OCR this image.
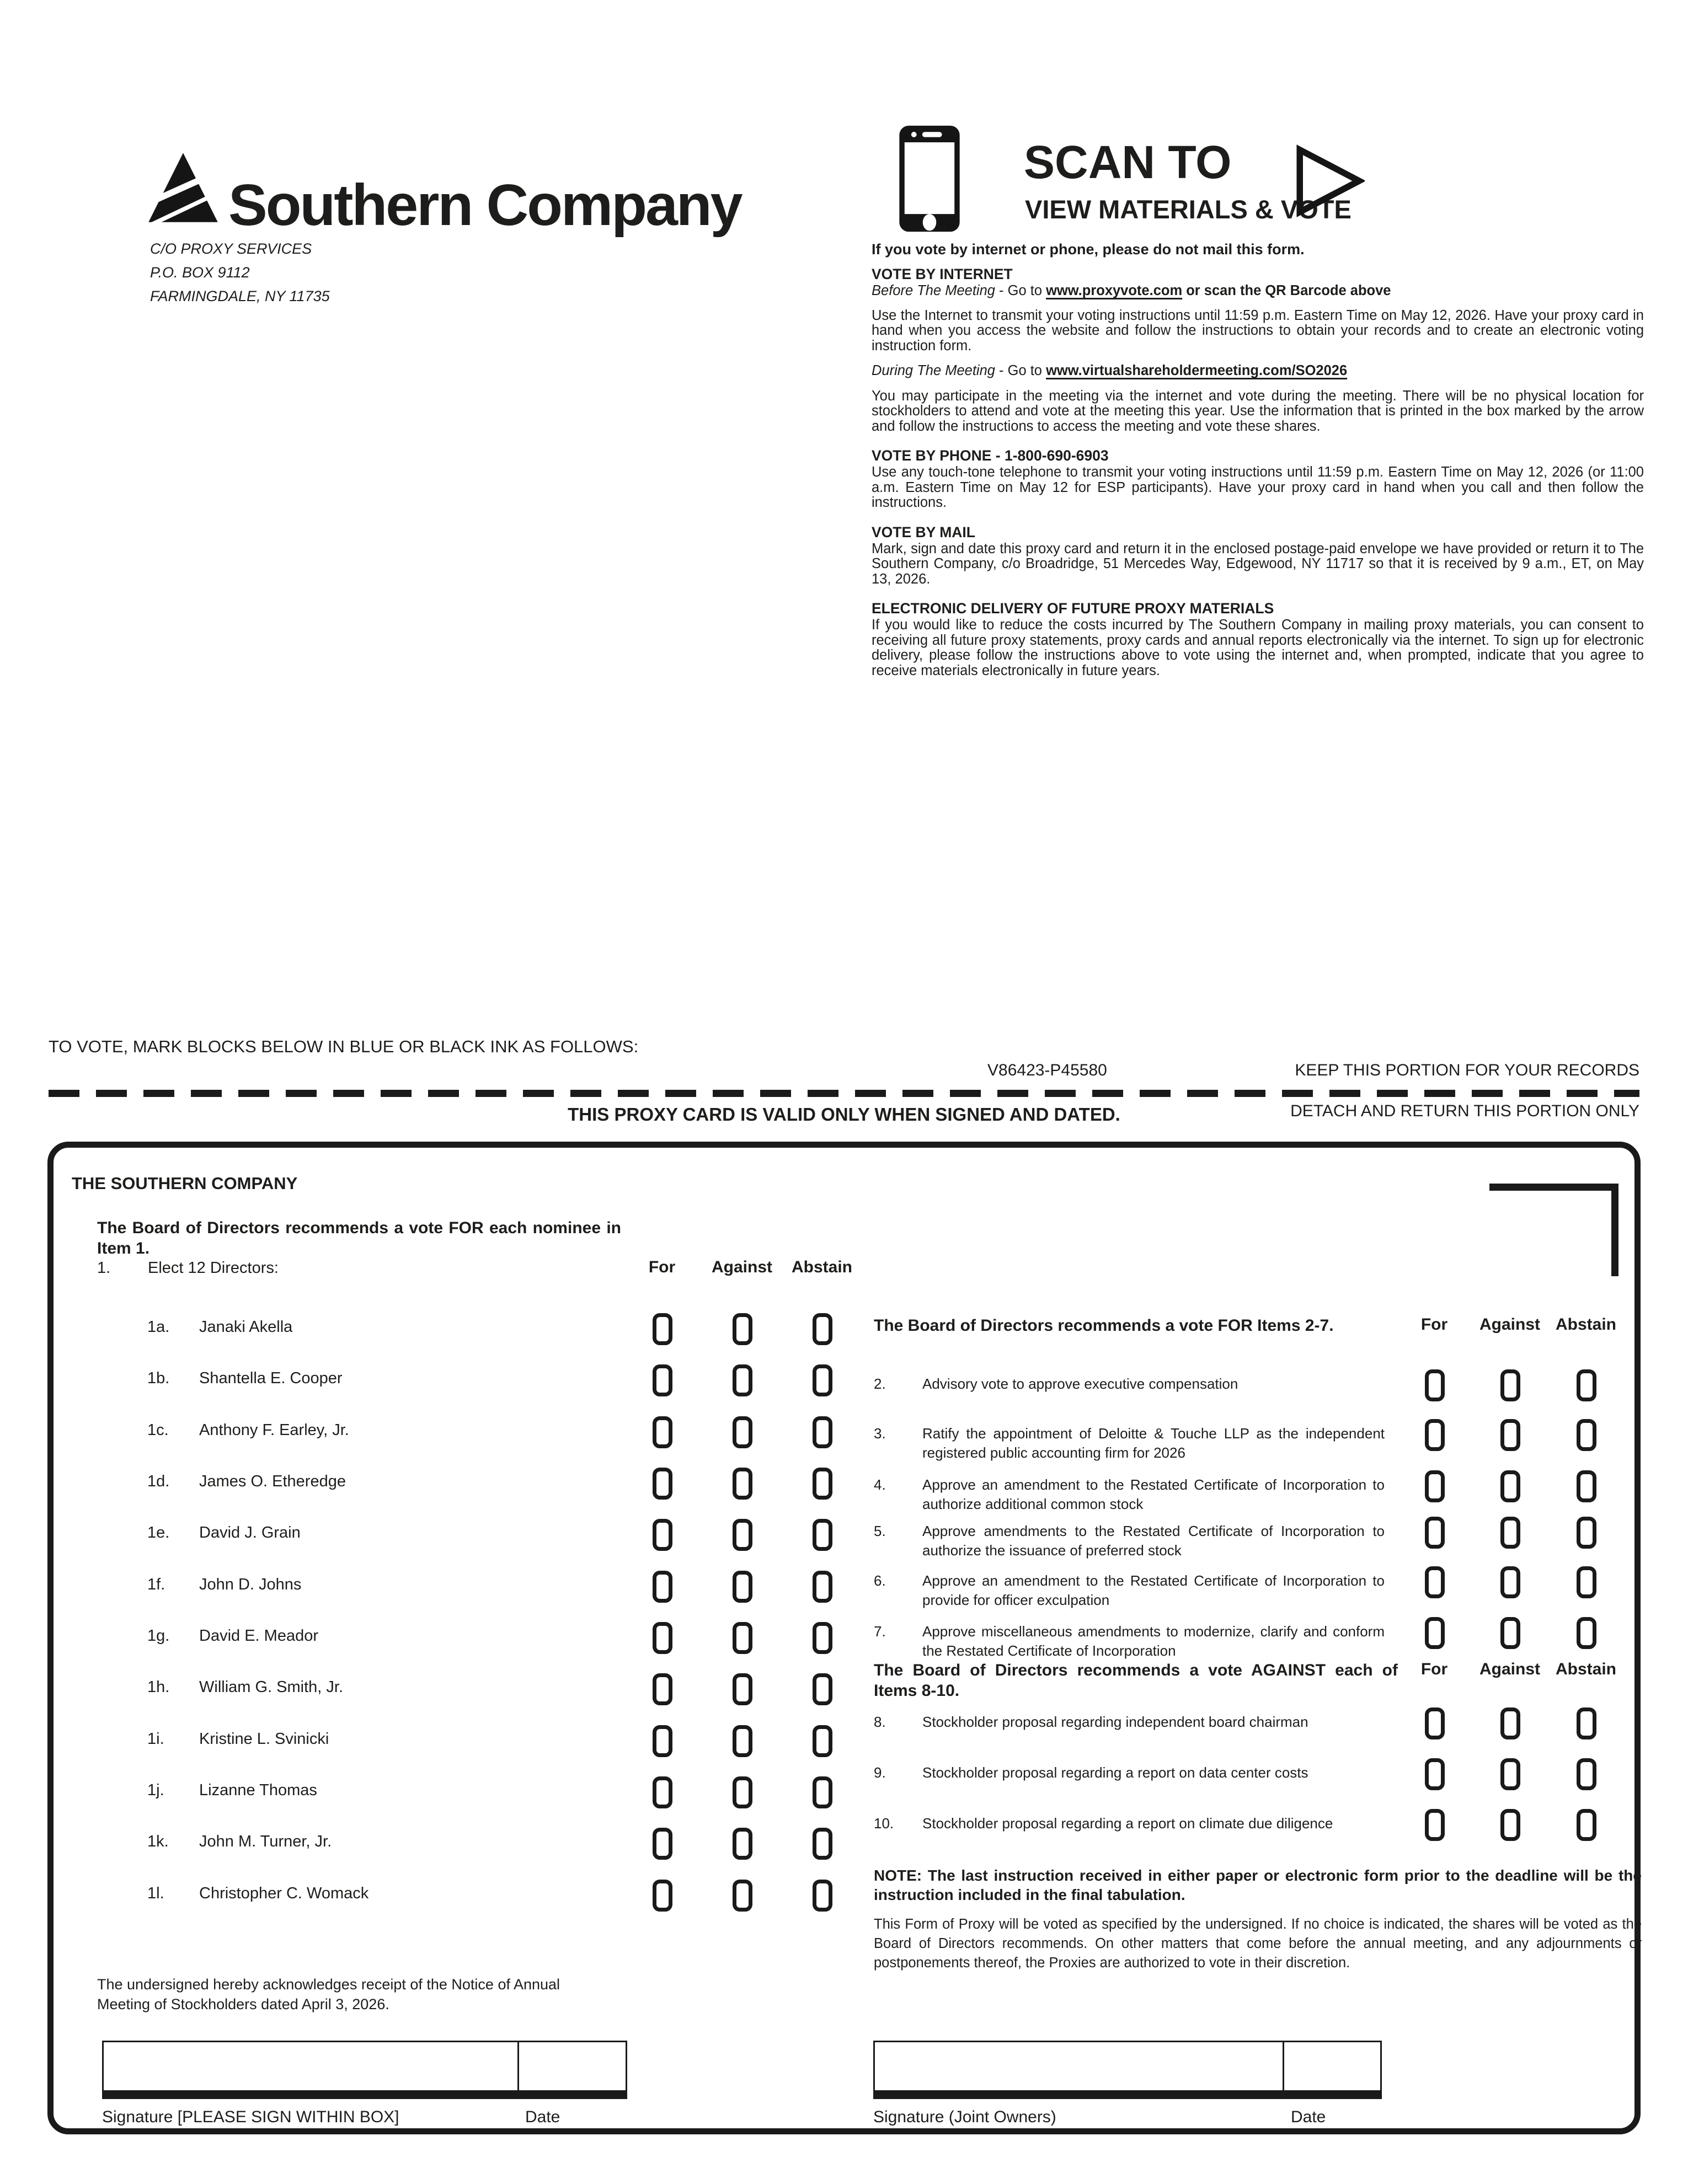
Southern Company
C/O PROXY SERVICES
P.O. BOX 9112
FARMINGDALE, NY 11735
SCAN TO
VIEW MATERIALS & VOTE
If you vote by internet or phone, please do not mail this form.
VOTE BY INTERNET
Before The Meeting - Go to www.proxyvote.com or scan the QR Barcode above
Use the Internet to transmit your voting instructions until 11:59 p.m. Eastern Time on May 12, 2026. Have your proxy card in hand when you access the website and follow the instructions to obtain your records and to create an electronic voting instruction form.
During The Meeting - Go to www.virtualshareholdermeeting.com/SO2026
You may participate in the meeting via the internet and vote during the meeting. There will be no physical location for stockholders to attend and vote at the meeting this year. Use the information that is printed in the box marked by the arrow and follow the instructions to access the meeting and vote these shares.
VOTE BY PHONE - 1-800-690-6903
Use any touch-tone telephone to transmit your voting instructions until 11:59 p.m. Eastern Time on May 12, 2026 (or 11:00 a.m. Eastern Time on May 12 for ESP participants). Have your proxy card in hand when you call and then follow the instructions.
VOTE BY MAIL
Mark, sign and date this proxy card and return it in the enclosed postage-paid envelope we have provided or return it to The Southern Company, c/o Broadridge, 51 Mercedes Way, Edgewood, NY 11717 so that it is received by 9 a.m., ET, on May 13, 2026.
ELECTRONIC DELIVERY OF FUTURE PROXY MATERIALS
If you would like to reduce the costs incurred by The Southern Company in mailing proxy materials, you can consent to receiving all future proxy statements, proxy cards and annual reports electronically via the internet. To sign up for electronic delivery, please follow the instructions above to vote using the internet and, when prompted, indicate that you agree to receive materials electronically in future years.
TO VOTE, MARK BLOCKS BELOW IN BLUE OR BLACK INK AS FOLLOWS:
V86423-P45580	KEEP THIS PORTION FOR YOUR RECORDS
DETACH AND RETURN THIS PORTION ONLY
THIS PROXY CARD IS VALID ONLY WHEN SIGNED AND DATED.
THE SOUTHERN COMPANY
The Board of Directors recommends a vote FOR each nominee in Item 1.
1. Elect 12 Directors:	For Against Abstain
1a. Janaki Akella
1b. Shantella E. Cooper
1c. Anthony F. Earley, Jr.
1d. James O. Etheredge
1e. David J. Grain
1f. John D. Johns
1g. David E. Meador
1h. William G. Smith, Jr.
1i. Kristine L. Svinicki
1j. Lizanne Thomas
1k. John M. Turner, Jr.
1l. Christopher C. Womack
The Board of Directors recommends a vote FOR Items 2-7.	For Against Abstain
2.	Advisory vote to approve executive compensation
3.	Ratify the appointment of Deloitte & Touche LLP as the independent registered public accounting firm for 2026
4.	Approve an amendment to the Restated Certificate of Incorporation to authorize additional common stock
5.	Approve amendments to the Restated Certificate of Incorporation to authorize the issuance of preferred stock
6.	Approve an amendment to the Restated Certificate of Incorporation to provide for officer exculpation
7.	Approve miscellaneous amendments to modernize, clarify and conform the Restated Certificate of Incorporation
The Board of Directors recommends a vote AGAINST each of Items 8-10.
For Against Abstain
8.	Stockholder proposal regarding independent board chairman
9.	Stockholder proposal regarding a report on data center costs
10. Stockholder proposal regarding a report on climate due diligence
NOTE: The last instruction received in either paper or electronic form prior to the deadline will be the instruction included in the final tabulation.
This Form of Proxy will be voted as specified by the undersigned. If no choice is indicated, the shares will be voted as the Board of Directors recommends. On other matters that come before the annual meeting, and any adjournments or postponements thereof, the Proxies are authorized to vote in their discretion.
The undersigned hereby acknowledges receipt of the Notice of Annual Meeting of Stockholders dated April 3, 2026.
Signature [PLEASE SIGN WITHIN BOX]	Date	Signature (Joint Owners)	Date
